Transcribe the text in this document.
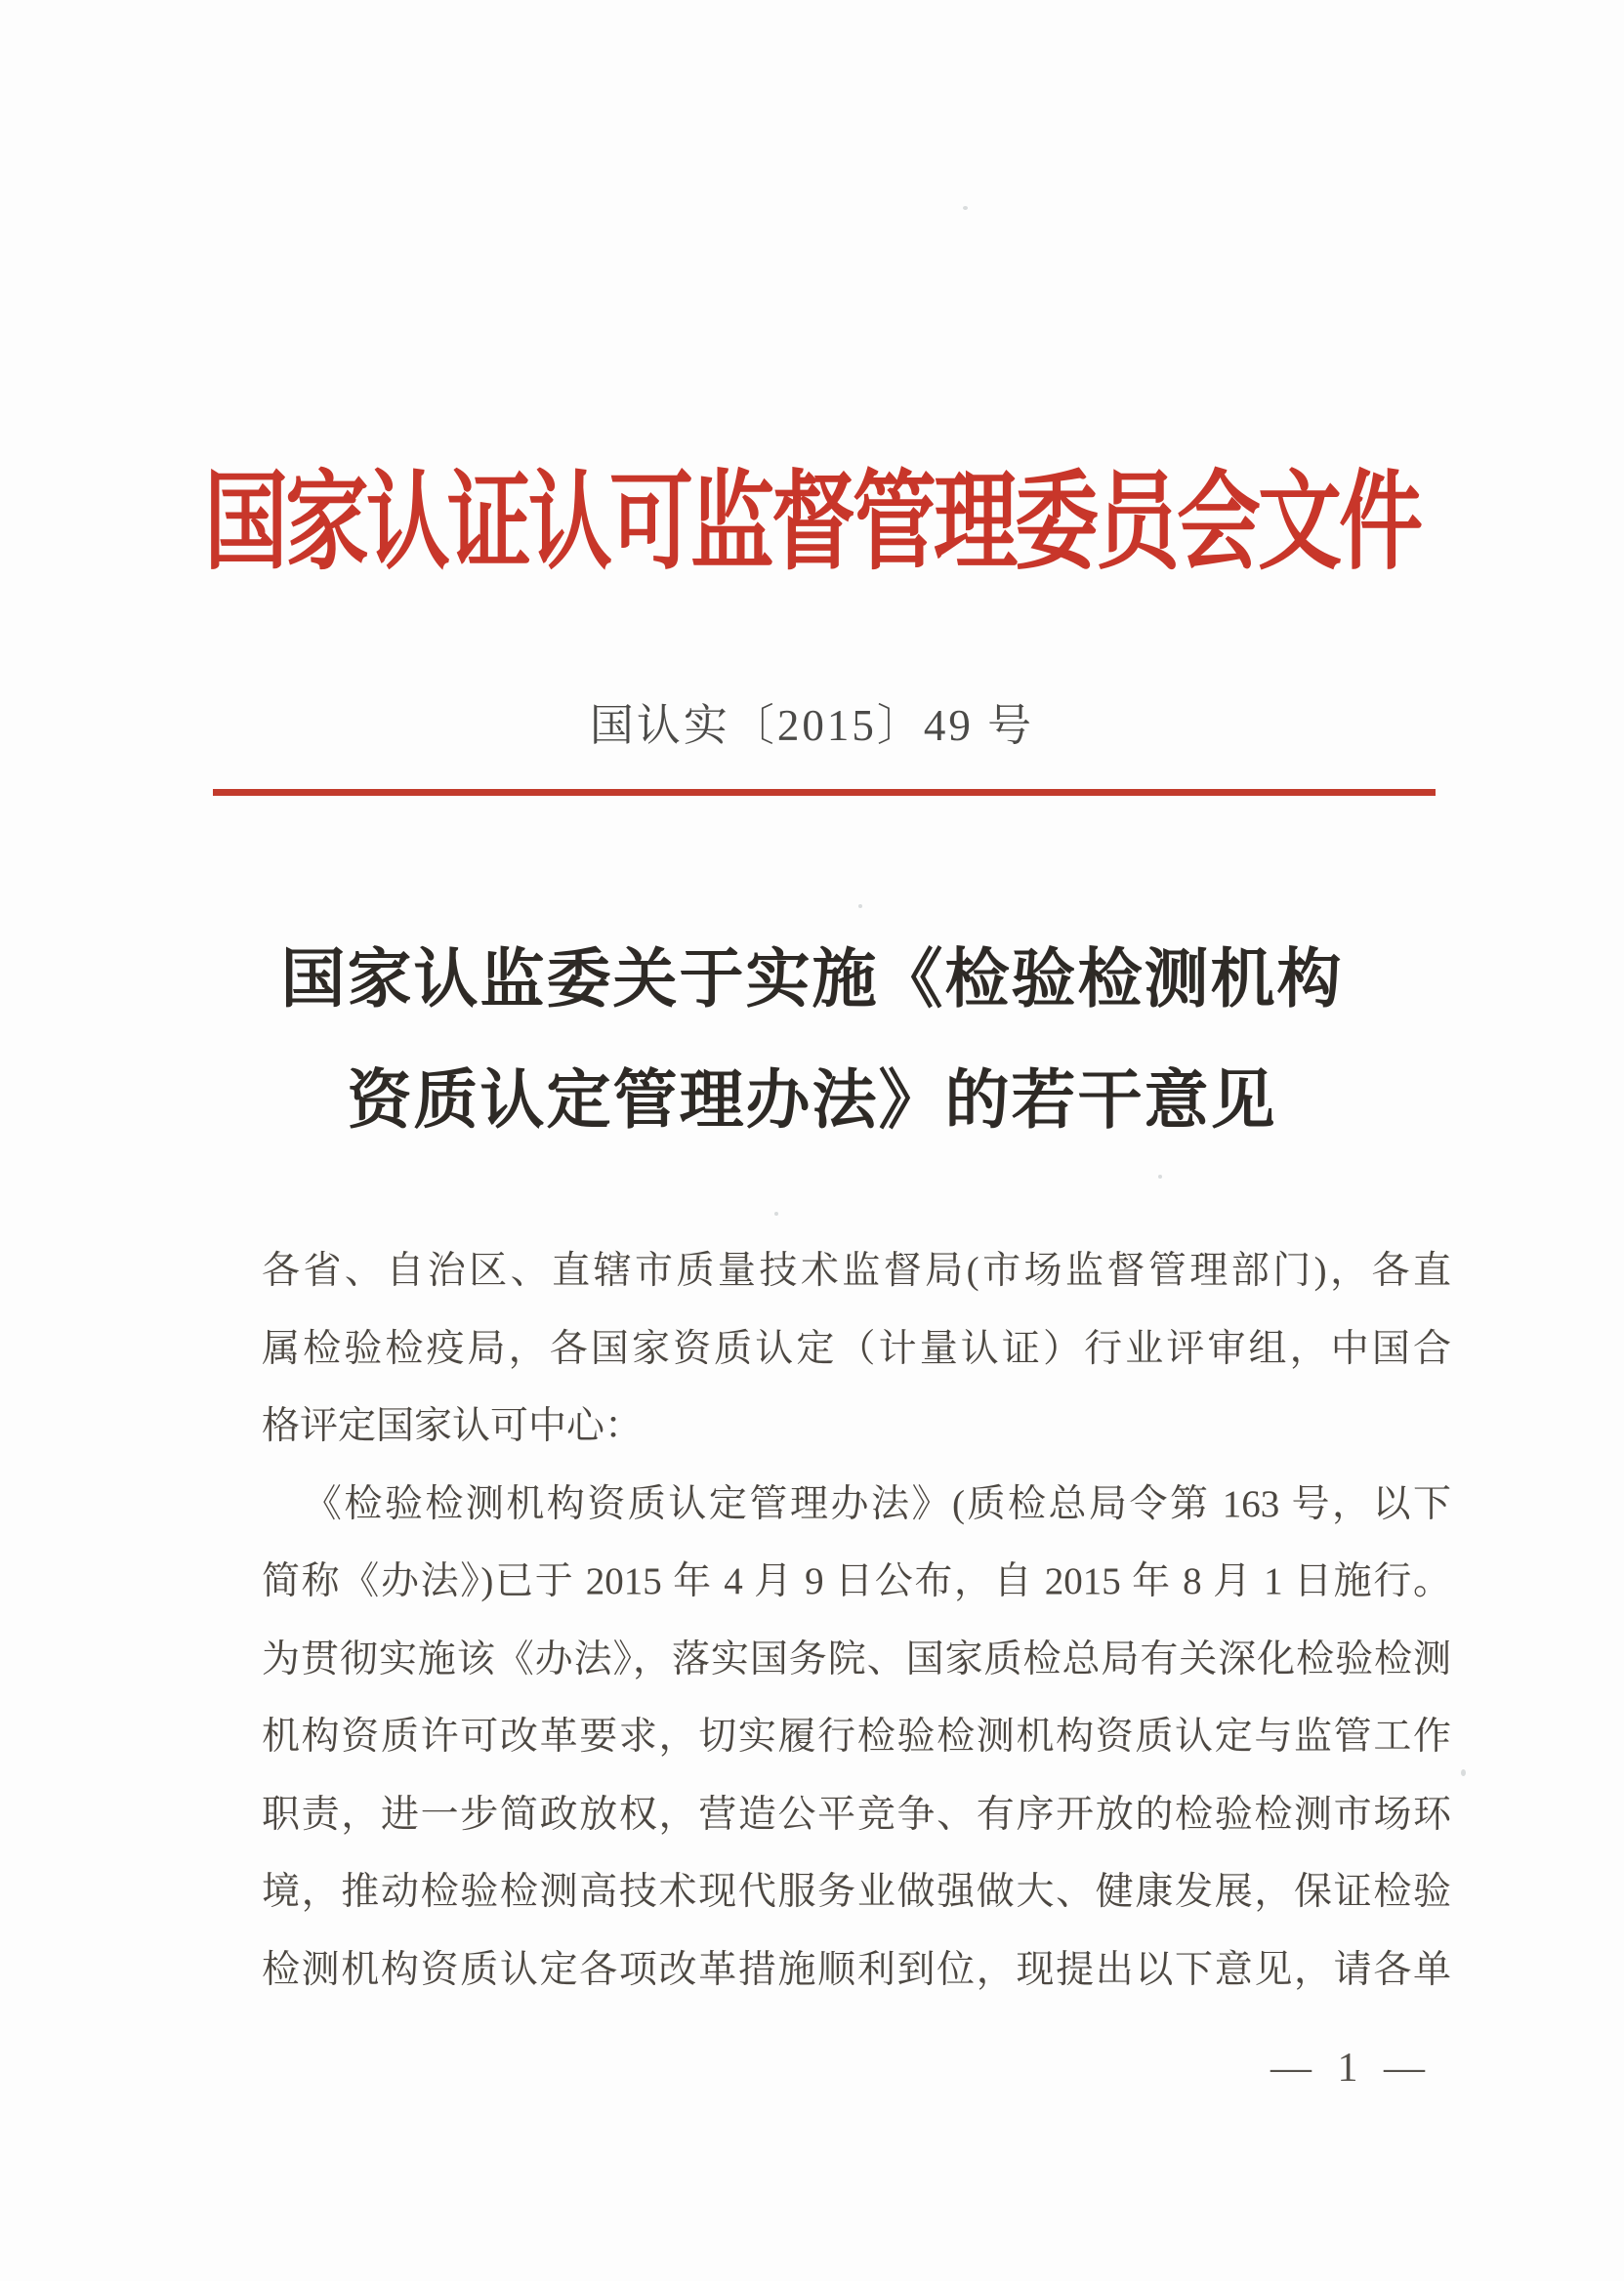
国家认证认可监督管理委员会文件
国认实〔2015〕49 号
国家认监委关于实施《检验检测机构
资质认定管理办法》的若干意见
各省、自治区、直辖市质量技术监督局(市场监督管理部门)，各直
属检验检疫局，各国家资质认定（计量认证）行业评审组，中国合
格评定国家认可中心：
《检验检测机构资质认定管理办法》(质检总局令第 163 号，以下
简称《办法》)已于 2015 年 4 月 9 日公布，自 2015 年 8 月 1 日施行。
为贯彻实施该《办法》，落实国务院、国家质检总局有关深化检验检测
机构资质许可改革要求，切实履行检验检测机构资质认定与监管工作
职责，进一步简政放权，营造公平竞争、有序开放的检验检测市场环
境，推动检验检测高技术现代服务业做强做大、健康发展，保证检验
检测机构资质认定各项改革措施顺利到位，现提出以下意见，请各单
— 1 —
